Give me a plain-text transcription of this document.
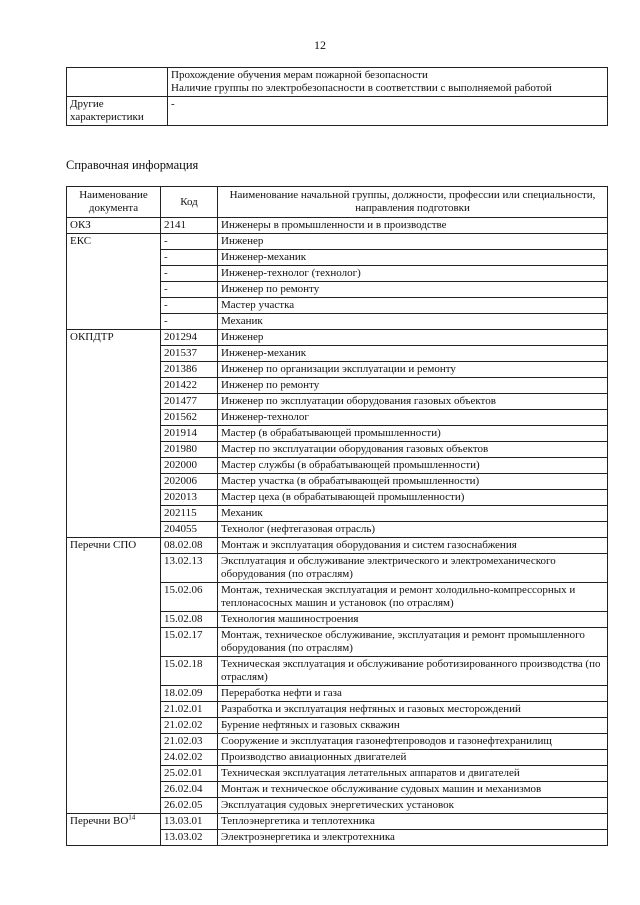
12

	Прохождение обучения мерам пожарной безопасности
Наличие группы по электробезопасности в соответствии с выполняемой работой

Другие характеристики	-
Справочная информация
Наименование документа	Код	Наименование начальной группы, должности, профессии или специальности, направления подготовки
ОКЗ	2141	Инженеры в промышленности и в производстве
ЕКС	-	Инженер
	-	Инженер-механик
	-	Инженер-технолог (технолог)
	-	Инженер по ремонту
	-	Мастер участка
	-	Механик
ОКПДТР	201294	Инженер
	201537	Инженер-механик
	201386	Инженер по организации эксплуатации и ремонту
	201422	Инженер по ремонту
	201477	Инженер по эксплуатации оборудования газовых объектов
	201562	Инженер-технолог
	201914	Мастер (в обрабатывающей промышленности)
	201980	Мастер по эксплуатации оборудования газовых объектов
	202000	Мастер службы (в обрабатывающей промышленности)
	202006	Мастер участка (в обрабатывающей промышленности)
	202013	Мастер цеха (в обрабатывающей промышленности)
	202115	Механик
	204055	Технолог (нефтегазовая отрасль)
Перечни СПО	08.02.08	Монтаж и эксплуатация оборудования и систем газоснабжения
	13.02.13	Эксплуатация и обслуживание электрического и электромеханического оборудования (по отраслям)
	15.02.06	Монтаж, техническая эксплуатация и ремонт холодильно-компрессорных и теплонасосных машин и установок (по отраслям)
	15.02.08	Технология машиностроения
	15.02.17	Монтаж, техническое обслуживание, эксплуатация и ремонт промышленного оборудования (по отраслям)
	15.02.18	Техническая эксплуатация и обслуживание роботизированного производства (по отраслям)
	18.02.09	Переработка нефти и газа
	21.02.01	Разработка и эксплуатация нефтяных и газовых месторождений
	21.02.02	Бурение нефтяных и газовых скважин
	21.02.03	Сооружение и эксплуатация газонефтепроводов и газонефтехранилищ
	24.02.02	Производство авиационных двигателей
	25.02.01	Техническая эксплуатация летательных аппаратов и двигателей
	26.02.04	Монтаж и техническое обслуживание судовых машин и механизмов
	26.02.05	Эксплуатация судовых энергетических установок
Перечни ВО$^{14}$	13.03.01	Теплоэнергетика и теплотехника
	13.03.02	Электроэнергетика и электротехника
